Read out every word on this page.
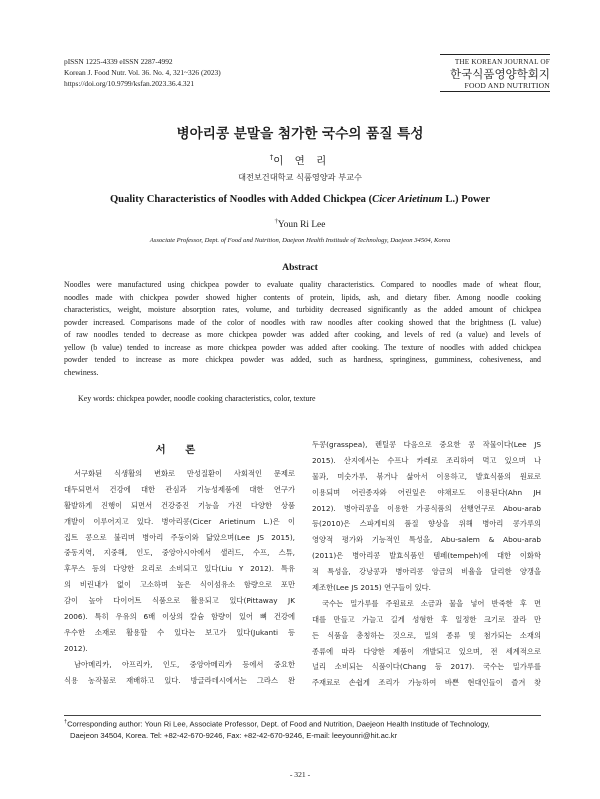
pISSN 1225-4339 eISSN 2287-4992
Korean J. Food Nutr. Vol. 36. No. 4, 321~326 (2023)
https://doi.org/10.9799/ksfan.2023.36.4.321
THE KOREAN JOURNAL OF
한국식품영양학회지
FOOD AND NUTRITION
병아리콩 분말을 첨가한 국수의 품질 특성
†이 연 리
대전보건대학교 식품영양과 부교수
Quality Characteristics of Noodles with Added Chickpea (Cicer Arietinum L.) Power
†Youn Ri Lee
Associate Professor, Dept. of Food and Nutrition, Daejeon Health Institude of Technology, Daejeon 34504, Korea
Abstract
Noodles were manufactured using chickpea powder to evaluate quality characteristics. Compared to noodles made of wheat flour,
noodles made with chickpea powder showed higher contents of protein, lipids, ash, and dietary fiber. Among noodle cooking
characteristics, weight, moisture absorption rates, volume, and turbidity decreased significantly as the added amount of chickpea
powder increased. Comparisons made of the color of noodles with raw noodles after cooking showed that the brightness (L value)
of raw noodles tended to decrease as more chickpea powder was added after cooking, and levels of red (a value) and levels of
yellow (b value) tended to increase as more chickpea powder was added after cooking. The texture of noodles with added chickpea
powder tended to increase as more chickpea powder was added, such as hardness, springiness, gumminess, cohesiveness, and
chewiness.
Key words: chickpea powder, noodle cooking characteristics, color, texture
서 론
서구화된 식생활의 변화로 만성질환이 사회적인 문제로
대두되면서 건강에 대한 관심과 기능성제품에 대한 연구가
활발하게 진행이 되면서 건강증진 기능을 가진 다양한 상품
개발이 이루어지고 있다. 병아리콩(Cicer Arietinum L.)은 이
집트 콩으로 불리며 병아리 주둥이와 닮았으며(Lee JS 2015),
중동지역, 지중해, 인도, 중앙아시아에서 샐러드, 수프, 스튜,
후무스 등의 다양한 요리로 소비되고 있다(Liu Y 2012). 특유
의 비린내가 없이 고소하며 높은 식이섬유소 함량으로 포만
감이 높아 다이어트 식품으로 활용되고 있다(Pittaway JK
2006). 특히 우유의 6배 이상의 칼슘 함량이 있어 뼈 건강에
우수한 소재로 활용할 수 있다는 보고가 있다(Jukanti 등
2012).
남아메리카, 아프리카, 인도, 중앙아메리카 등에서 중요한
식용 농작물로 재배하고 있다. 방글라데시에서는 그라스 완
두콩(grasspea), 렌틸콩 다음으로 중요한 콩 작물이다(Lee JS
2015). 산지에서는 수프나 카레로 조리하여 먹고 있으며 나
물과, 미숫가루, 볶거나 삶아서 이용하고, 발효식품의 원료로
이용되며 어린종자와 어린잎은 야채로도 이용된다(Ahn JH
2012). 병아리콩을 이용한 가공식품의 선행연구로 Abou-arab
등(2010)은 스파게티의 품질 향상을 위해 병아리 콩가루의
영양적 평가와 기능적인 특성을, Abu-salem & Abou-arab
(2011)은 병아리콩 발효식품인 템페(tempeh)에 대한 이화학
적 특성을, 강낭콩과 병아리콩 앙금의 비율을 달리한 양갱을
제조한(Lee JS 2015) 연구들이 있다.
국수는 밀가루를 주원료로 소금과 물을 넣어 반죽한 후 면
대를 만들고 가늘고 길게 성형한 후 일정한 크기로 잘라 만
든 식품을 총칭하는 것으로, 밀의 종류 및 첨가되는 소재의
종류에 따라 다양한 제품이 개발되고 있으며, 전 세계적으로
널리 소비되는 식품이다(Chang 등 2017). 국수는 밀가루를
주재료로 손쉽게 조리가 가능하여 바쁜 현대인들이 즐겨 찾
†Corresponding author: Youn Ri Lee, Associate Professor, Dept. of Food and Nutrition, Daejeon Health Institude of Technology,
Daejeon 34504, Korea. Tel: +82-42-670-9246, Fax: +82-42-670-9246, E-mail: leeyounri@hit.ac.kr
- 321 -
